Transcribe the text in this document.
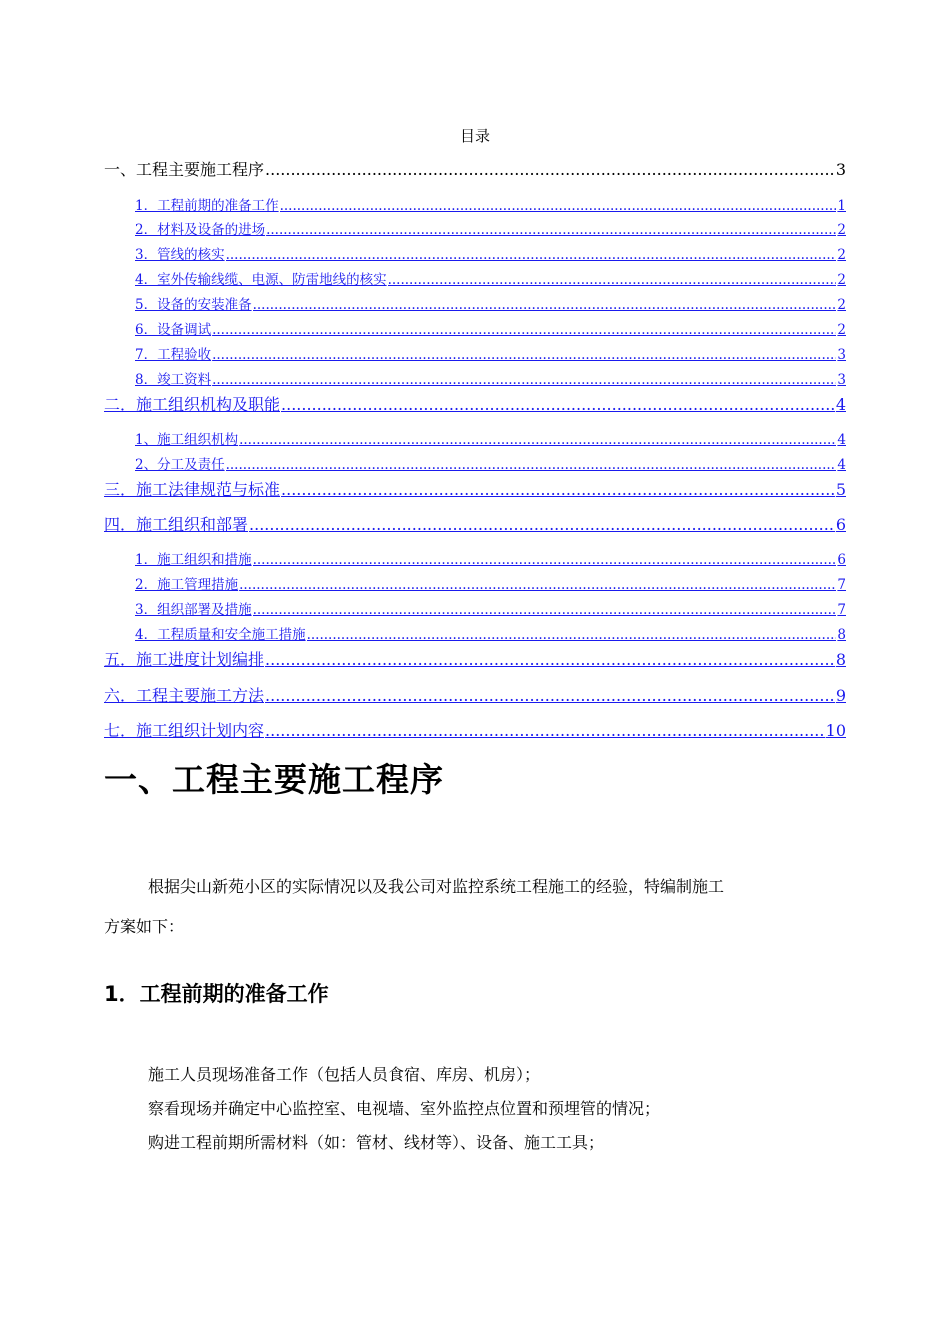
目录
一、工程主要施工程序 .....	3
1．工程前期的准备工作 .....	1
2．材料及设备的进场 .....	2
3．管线的核实 .....	2
4．室外传输线缆、电源、防雷地线的核实 .....	2
5．设备的安装准备 .....	2
6．设备调试 .....	2
7．工程验收 .....	3
8．竣工资料 .....	3
二．施工组织机构及职能 .....	4
1、施工组织机构 .....	4
2、分工及责任 .....	4
三．施工法律规范与标准 .....	5
四．施工组织和部署 .....	6
1．施工组织和措施 .....	6
2．施工管理措施 .....	7
3．组织部署及措施 .....	7
4．工程质量和安全施工措施 .....	8
五．施工进度计划编排 .....	8
六．工程主要施工方法 .....	9
七．施工组织计划内容 .....	10
一、工程主要施工程序
根据尖山新苑小区的实际情况以及我公司对监控系统工程施工的经验，特编制施工
方案如下：
1．工程前期的准备工作
施工人员现场准备工作（包括人员食宿、库房、机房）；
察看现场并确定中心监控室、电视墙、室外监控点位置和预埋管的情况；
购进工程前期所需材料（如：管材、线材等）、设备、施工工具；
